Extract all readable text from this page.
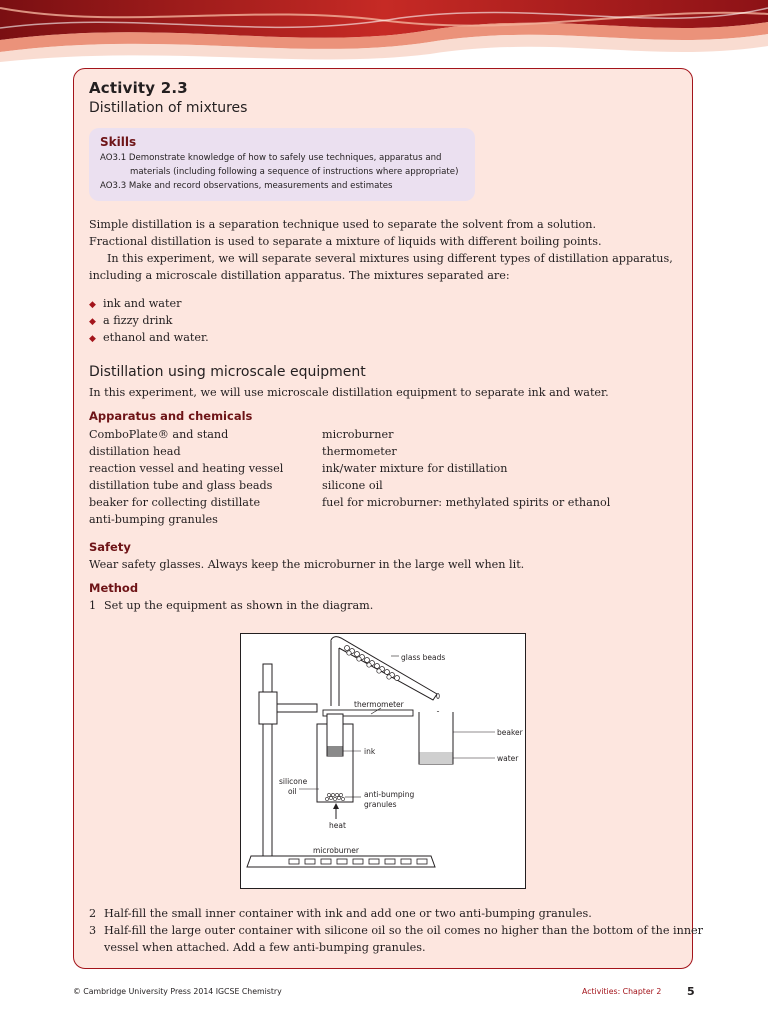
Activity 2.3
Distillation of mixtures
Skills
AO3.1 Demonstrate knowledge of how to safely use techniques, apparatus and
materials (including following a sequence of instructions where appropriate)
AO3.3 Make and record observations, measurements and estimates
Simple distillation is a separation technique used to separate the solvent from a solution.
Fractional distillation is used to separate a mixture of liquids with different boiling points.
In this experiment, we will separate several mixtures using different types of distillation apparatus,
including a microscale distillation apparatus. The mixtures separated are:
◆ ink and water
◆ a fizzy drink
◆ ethanol and water.
Distillation using microscale equipment
In this experiment, we will use microscale distillation equipment to separate ink and water.
Apparatus and chemicals
ComboPlate® and stand
distillation head
reaction vessel and heating vessel
distillation tube and glass beads
beaker for collecting distillate
anti-bumping granules
microburner
thermometer
ink/water mixture for distillation
silicone oil
fuel for microburner: methylated spirits or ethanol
Safety
Wear safety glasses. Always keep the microburner in the large well when lit.
Method
1 Set up the equipment as shown in the diagram.
glass beads
thermometer
beaker
water
ink
silicone
oil	anti-bumping
granules
heat
microburner
2 Half-fill the small inner container with ink and add one or two anti-bumping granules.
3 Half-fill the large outer container with silicone oil so the oil comes no higher than the bottom of the inner
vessel when attached. Add a few anti-bumping granules.
© Cambridge University Press 2014 IGCSE Chemistry	Activities: Chapter 2 5
